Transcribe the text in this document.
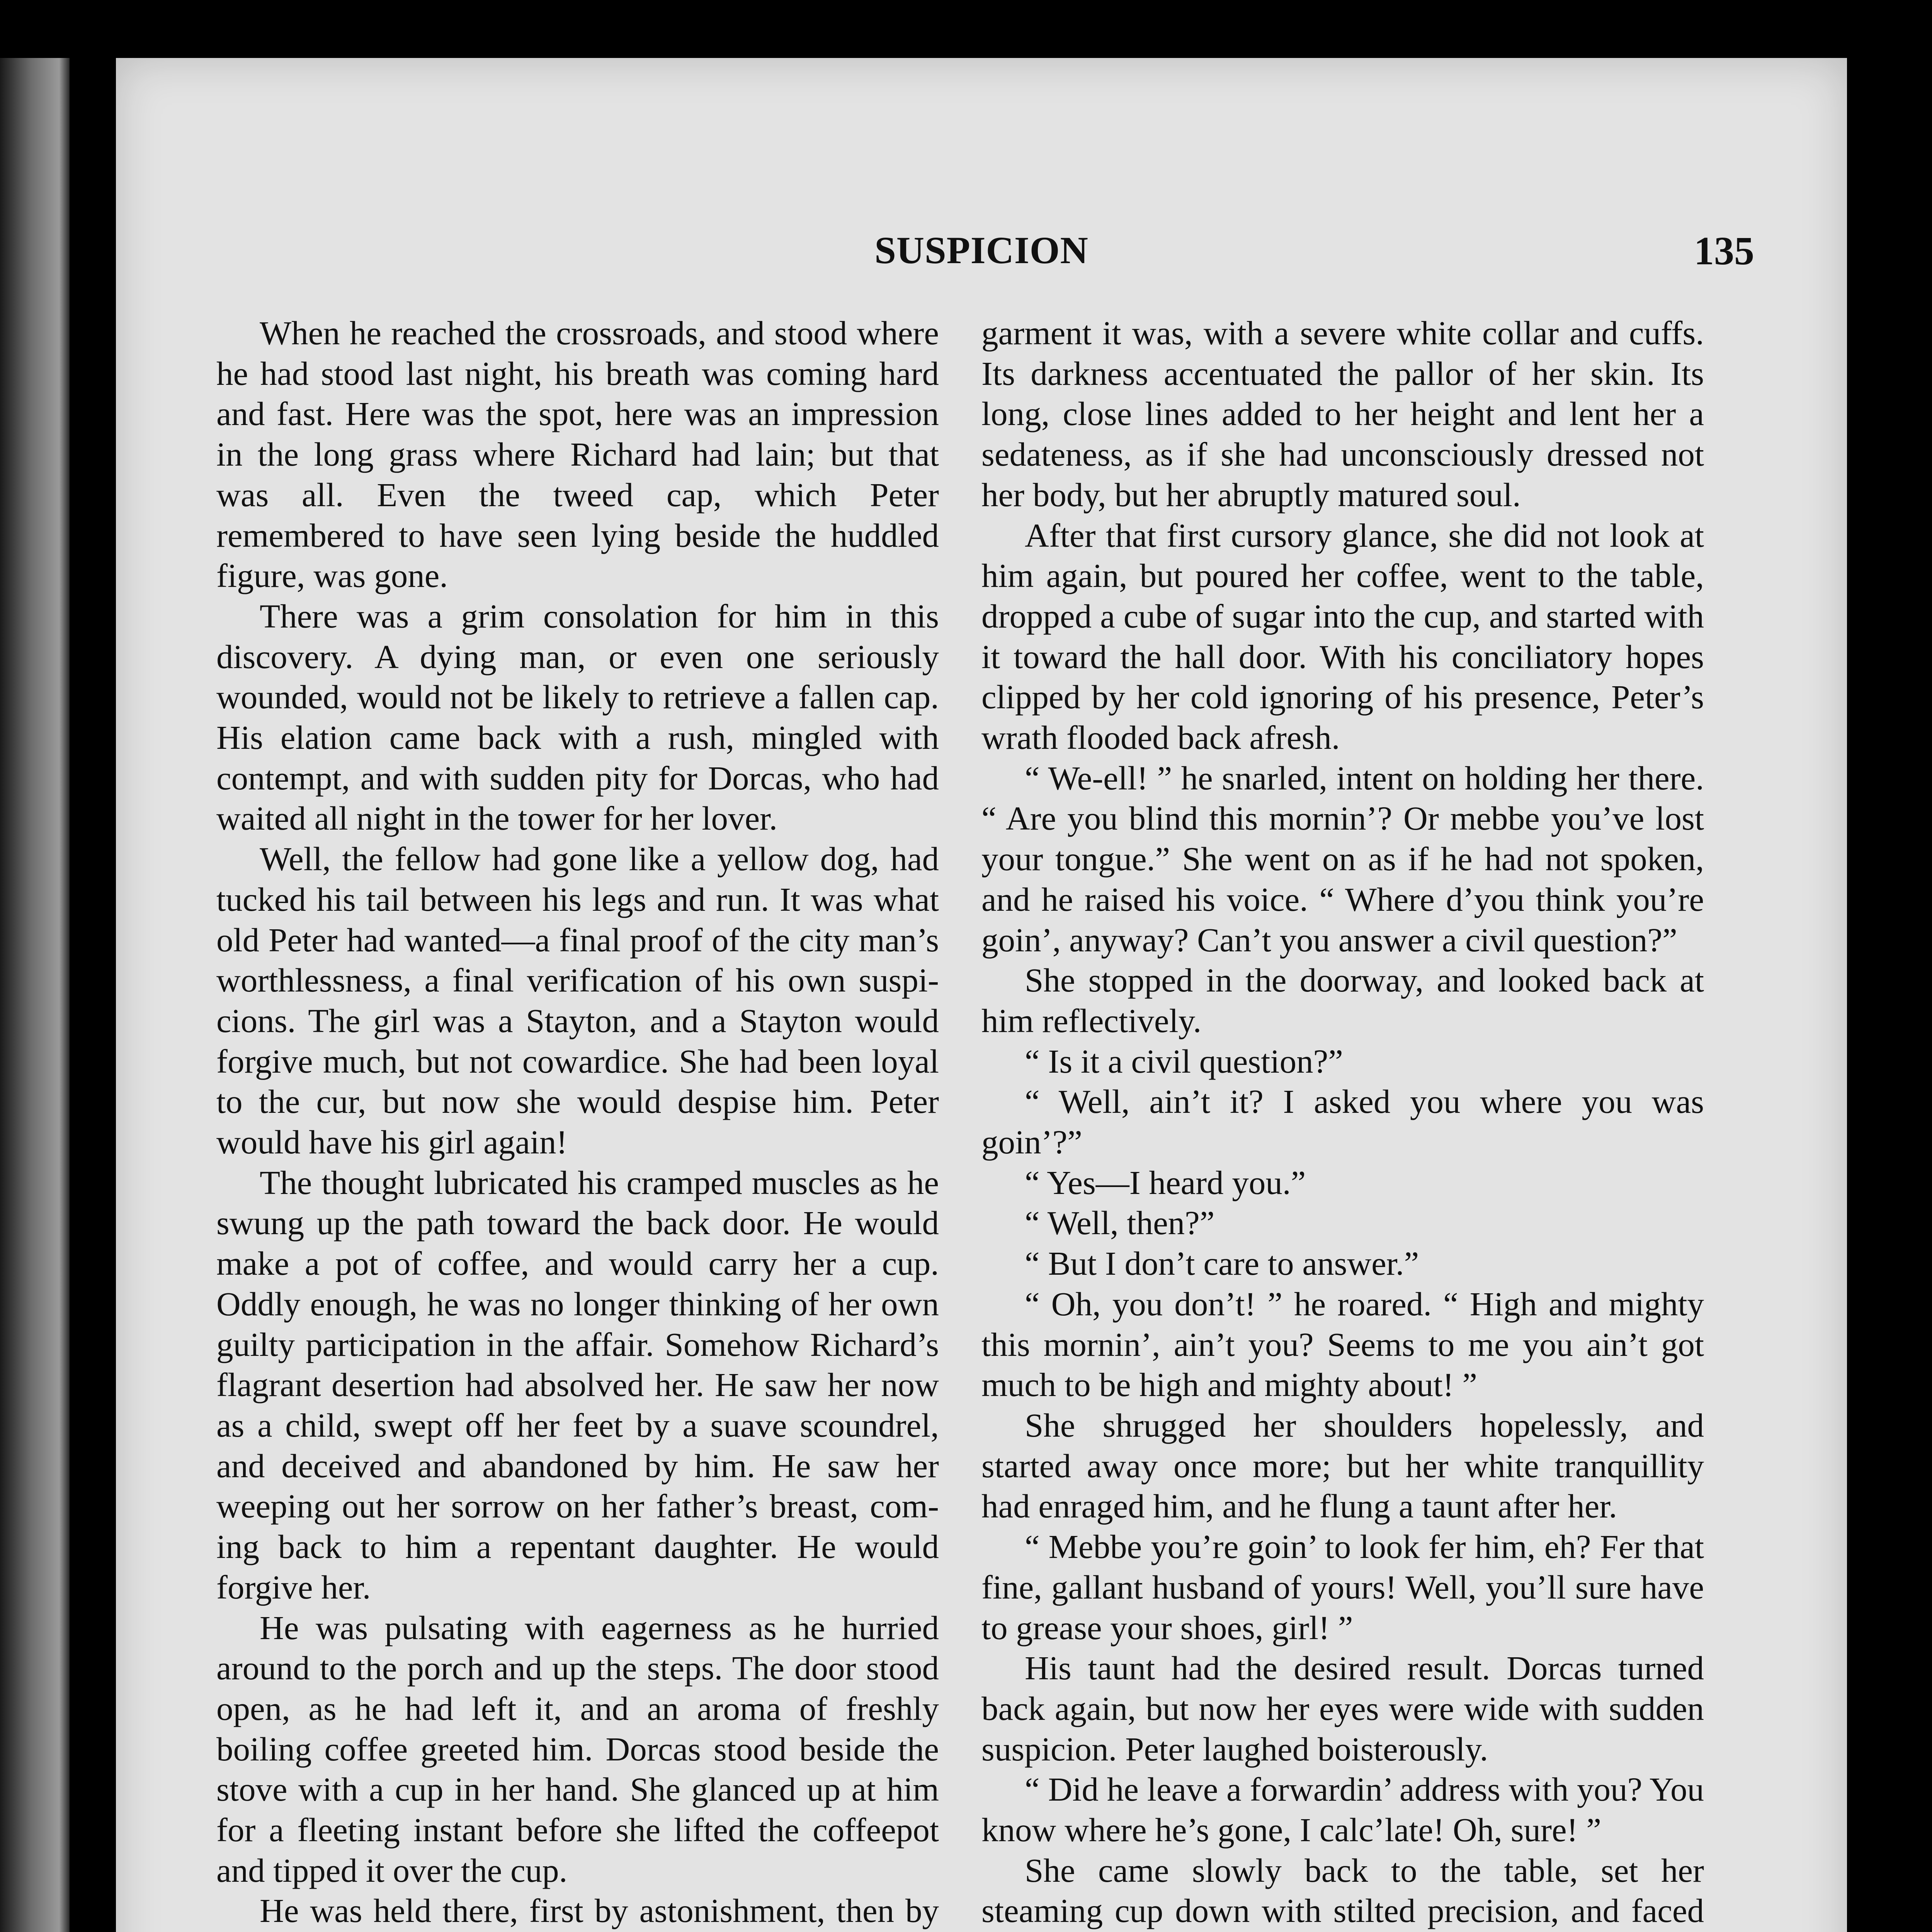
SUSPICION	135

When he reached the crossroads, and stood where he had stood last night, his breath was coming hard and fast. Here was the spot, here was an impression in the long grass where Richard had lain; but that was all. Even the tweed cap, which Peter remembered to have seen lying beside the huddled figure, was gone.

There was a grim consolation for him in this discovery. A dying man, or even one seriously wounded, would not be likely to retrieve a fallen cap. His elation came back with a rush, mingled with contempt, and with sudden pity for Dorcas, who had waited all night in the tower for her lover.

Well, the fellow had gone like a yellow dog, had tucked his tail between his legs and run. It was what old Peter had wanted—a final proof of the city man’s worthlessness, a final verification of his own suspicions. The girl was a Stayton, and a Stayton would forgive much, but not cowardice. She had been loyal to the cur, but now she would despise him. Peter would have his girl again!

The thought lubricated his cramped muscles as he swung up the path toward the back door. He would make a pot of coffee, and would carry her a cup. Oddly enough, he was no longer thinking of her own guilty participation in the affair. Somehow Richard’s flagrant desertion had absolved her. He saw her now as a child, swept off her feet by a suave scoundrel, and deceived and abandoned by him. He saw her weeping out her sorrow on her father’s breast, coming back to him a repentant daughter. He would forgive her.

He was pulsating with eagerness as he hurried around to the porch and up the steps. The door stood open, as he had left it, and an aroma of freshly boiling coffee greeted him. Dorcas stood beside the stove with a cup in her hand. She glanced up at him for a fleeting instant before she lifted the coffeepot and tipped it over the cup.

He was held there, first by astonishment, then by

garment it was, with a severe white collar and cuffs. Its darkness accentuated the pallor of her skin. Its long, close lines added to her height and lent her a sedateness, as if she had unconsciously dressed not her body, but her abruptly matured soul.

After that first cursory glance, she did not look at him again, but poured her coffee, went to the table, dropped a cube of sugar into the cup, and started with it toward the hall door. With his conciliatory hopes clipped by her cold ignoring of his presence, Peter’s wrath flooded back afresh.

“ We-ell! ” he snarled, intent on holding her there. “ Are you blind this mornin’? Or mebbe you’ve lost your tongue.” She went on as if he had not spoken, and he raised his voice. “ Where d’you think you’re goin’, anyway? Can’t you answer a civil question?”

She stopped in the doorway, and looked back at him reflectively.

“ Is it a civil question?”

“ Well, ain’t it? I asked you where you was goin’?”

“ Yes—I heard you.”

“ Well, then?”

“ But I don’t care to answer.”

“ Oh, you don’t! ” he roared. “ High and mighty this mornin’, ain’t you? Seems to me you ain’t got much to be high and mighty about! ”

She shrugged her shoulders hopelessly, and started away once more; but her white tranquillity had enraged him, and he flung a taunt after her.

“ Mebbe you’re goin’ to look fer him, eh? Fer that fine, gallant husband of yours! Well, you’ll sure have to grease your shoes, girl! ”

His taunt had the desired result. Dorcas turned back again, but now her eyes were wide with sudden suspicion. Peter laughed boisterously.

“ Did he leave a forwardin’ address with you? You know where he’s gone, I calc’late! Oh, sure! ”

She came slowly back to the table, set her steaming cup down with stilted precision, and faced
